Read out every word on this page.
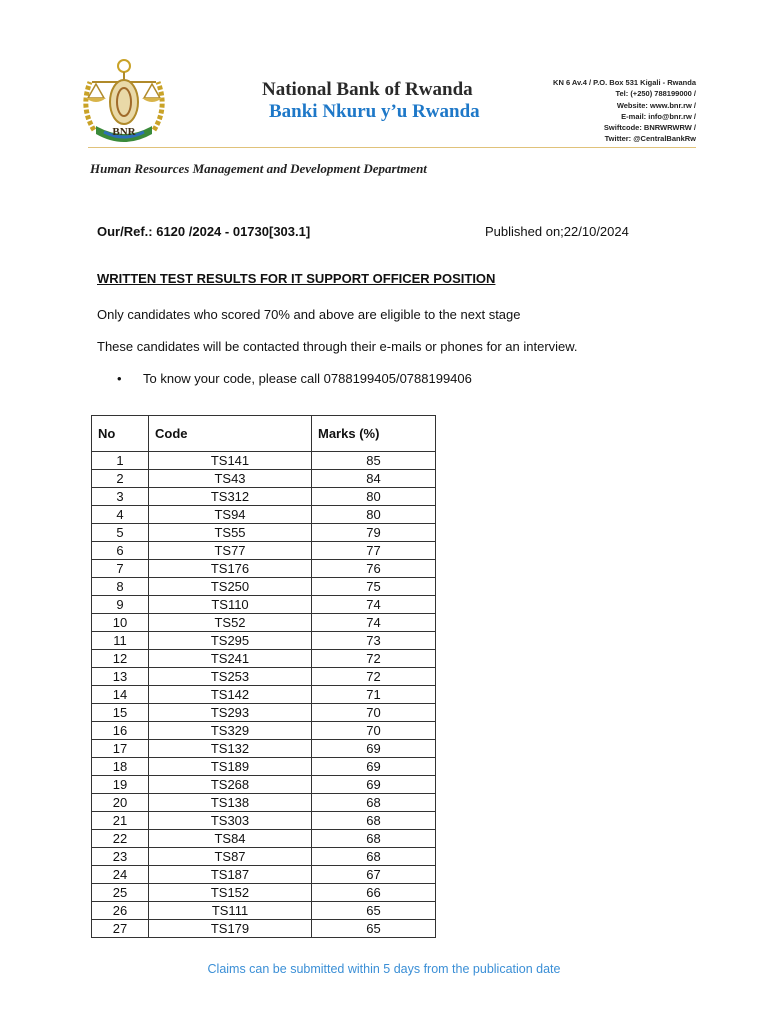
BNR
National Bank of Rwanda
Banki Nkuru y’u Rwanda
KN 6 Av.4 / P.O. Box 531 Kigali - Rwanda
Tel: (+250) 788199000 /
Website: www.bnr.rw /
E-mail: info@bnr.rw /
Swiftcode: BNRWRWRW /
Twitter: @CentralBankRw
Human Resources Management and Development Department
Our/Ref.: 6120 /2024 - 01730[303.1]	Published on;22/10/2024
WRITTEN TEST RESULTS FOR IT SUPPORT OFFICER POSITION
Only candidates who scored 70% and above are eligible to the next stage
These candidates will be contacted through their e-mails or phones for an interview.
• To know your code, please call 0788199405/0788199406
No	Code	Marks (%)
1	TS141	85
2	TS43	84
3	TS312	80
4	TS94	80
5	TS55	79
6	TS77	77
7	TS176	76
8	TS250	75
9	TS110	74
10	TS52	74
11	TS295	73
12	TS241	72
13	TS253	72
14	TS142	71
15	TS293	70
16	TS329	70
17	TS132	69
18	TS189	69
19	TS268	69
20	TS138	68
21	TS303	68
22	TS84	68
23	TS87	68
24	TS187	67
25	TS152	66
26	TS111	65
27	TS179	65
Claims can be submitted within 5 days from the publication date
